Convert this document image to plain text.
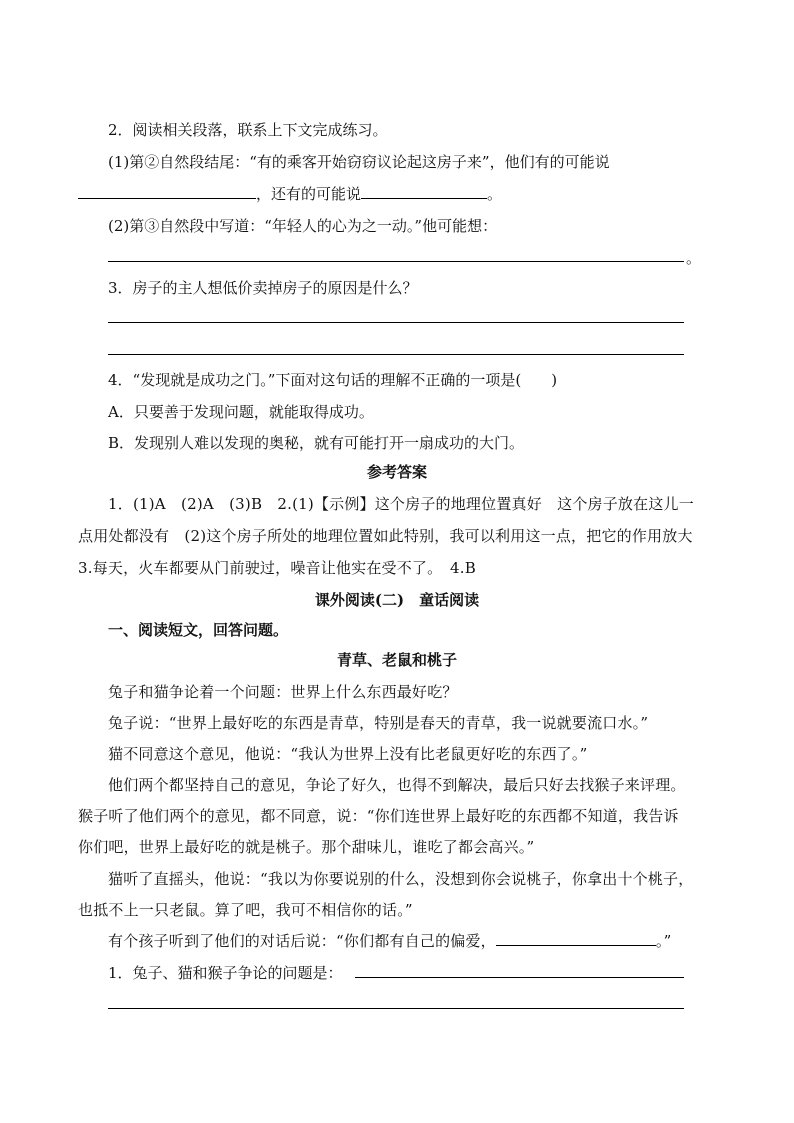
2．阅读相关段落，联系上下文完成练习。
(1)第②自然段结尾：“有的乘客开始窃窃议论起这房子来”，他们有的可能说
，还有的可能说	。
(2)第③自然段中写道：“年轻人的心为之一动。”他可能想：
。
3．房子的主人想低价卖掉房子的原因是什么？
4．“发现就是成功之门。”下面对这句话的理解不正确的一项是(　　)
A．只要善于发现问题，就能取得成功。
B．发现别人难以发现的奥秘，就有可能打开一扇成功的大门。
参考答案
1．(1)A　(2)A　(3)B　2.(1)【示例】这个房子的地理位置真好　这个房子放在这儿一
点用处都没有　(2)这个房子所处的地理位置如此特别，我可以利用这一点，把它的作用放大
3.每天，火车都要从门前驶过，噪音让他实在受不了。　4.B
课外阅读(二)　童话阅读
一、阅读短文，回答问题。
青草、老鼠和桃子
兔子和猫争论着一个问题：世界上什么东西最好吃？
兔子说：“世界上最好吃的东西是青草，特别是春天的青草，我一说就要流口水。”
猫不同意这个意见，他说：“我认为世界上没有比老鼠更好吃的东西了。”
他们两个都坚持自己的意见，争论了好久，也得不到解决，最后只好去找猴子来评理。
猴子听了他们两个的意见，都不同意，说：“你们连世界上最好吃的东西都不知道，我告诉
你们吧，世界上最好吃的就是桃子。那个甜味儿，谁吃了都会高兴。”
猫听了直摇头，他说：“我以为你要说别的什么，没想到你会说桃子，你拿出十个桃子，
也抵不上一只老鼠。算了吧，我可不相信你的话。”
有个孩子听到了他们的对话后说：“你们都有自己的偏爱，	。”
1．兔子、猫和猴子争论的问题是：
